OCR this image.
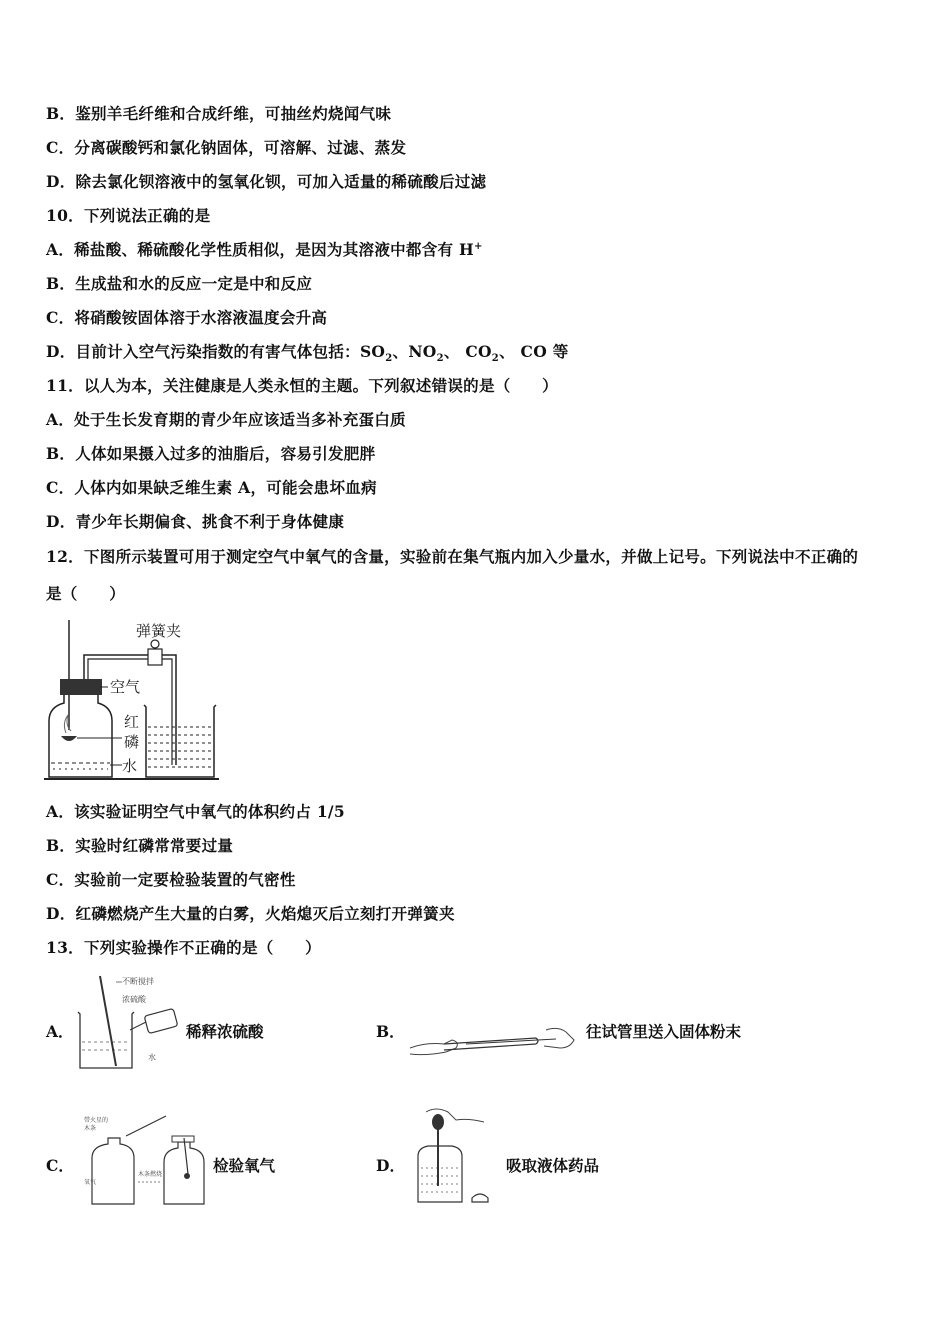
B．鉴别羊毛纤维和合成纤维，可抽丝灼烧闻气味
C．分离碳酸钙和氯化钠固体，可溶解、过滤、蒸发
D．除去氯化钡溶液中的氢氧化钡，可加入适量的稀硫酸后过滤
10．下列说法正确的是
A．稀盐酸、稀硫酸化学性质相似，是因为其溶液中都含有 H+
B．生成盐和水的反应一定是中和反应
C．将硝酸铵固体溶于水溶液温度会升高
D．目前计入空气污染指数的有害气体包括：$SO_2$、$NO_2$、 $CO_2$、 CO 等
11．以人为本，关注健康是人类永恒的主题。下列叙述错误的是（　　）
A．处于生长发育期的青少年应该适当多补充蛋白质
B．人体如果摄入过多的油脂后，容易引发肥胖
C．人体内如果缺乏维生素 A，可能会患坏血病
D．青少年长期偏食、挑食不利于身体健康
12．下图所示装置可用于测定空气中氧气的含量，实验前在集气瓶内加入少量水，并做上记号。下列说法中不正确的
是（　　）
弹簧夹
空气
红
磷
水
A．该实验证明空气中氧气的体积约占 1/5
B．实验时红磷常常要过量
C．实验前一定要检验装置的气密性
D．红磷燃烧产生大量的白雾，火焰熄灭后立刻打开弹簧夹
13．下列实验操作不正确的是（　　）
A．
不断搅拌
浓硫酸
水
稀释浓硫酸	B．	往试管里送入固体粉末
C．
带火星的
木条
氧气
木条燃烧	检验氧气	D．	吸取液体药品
